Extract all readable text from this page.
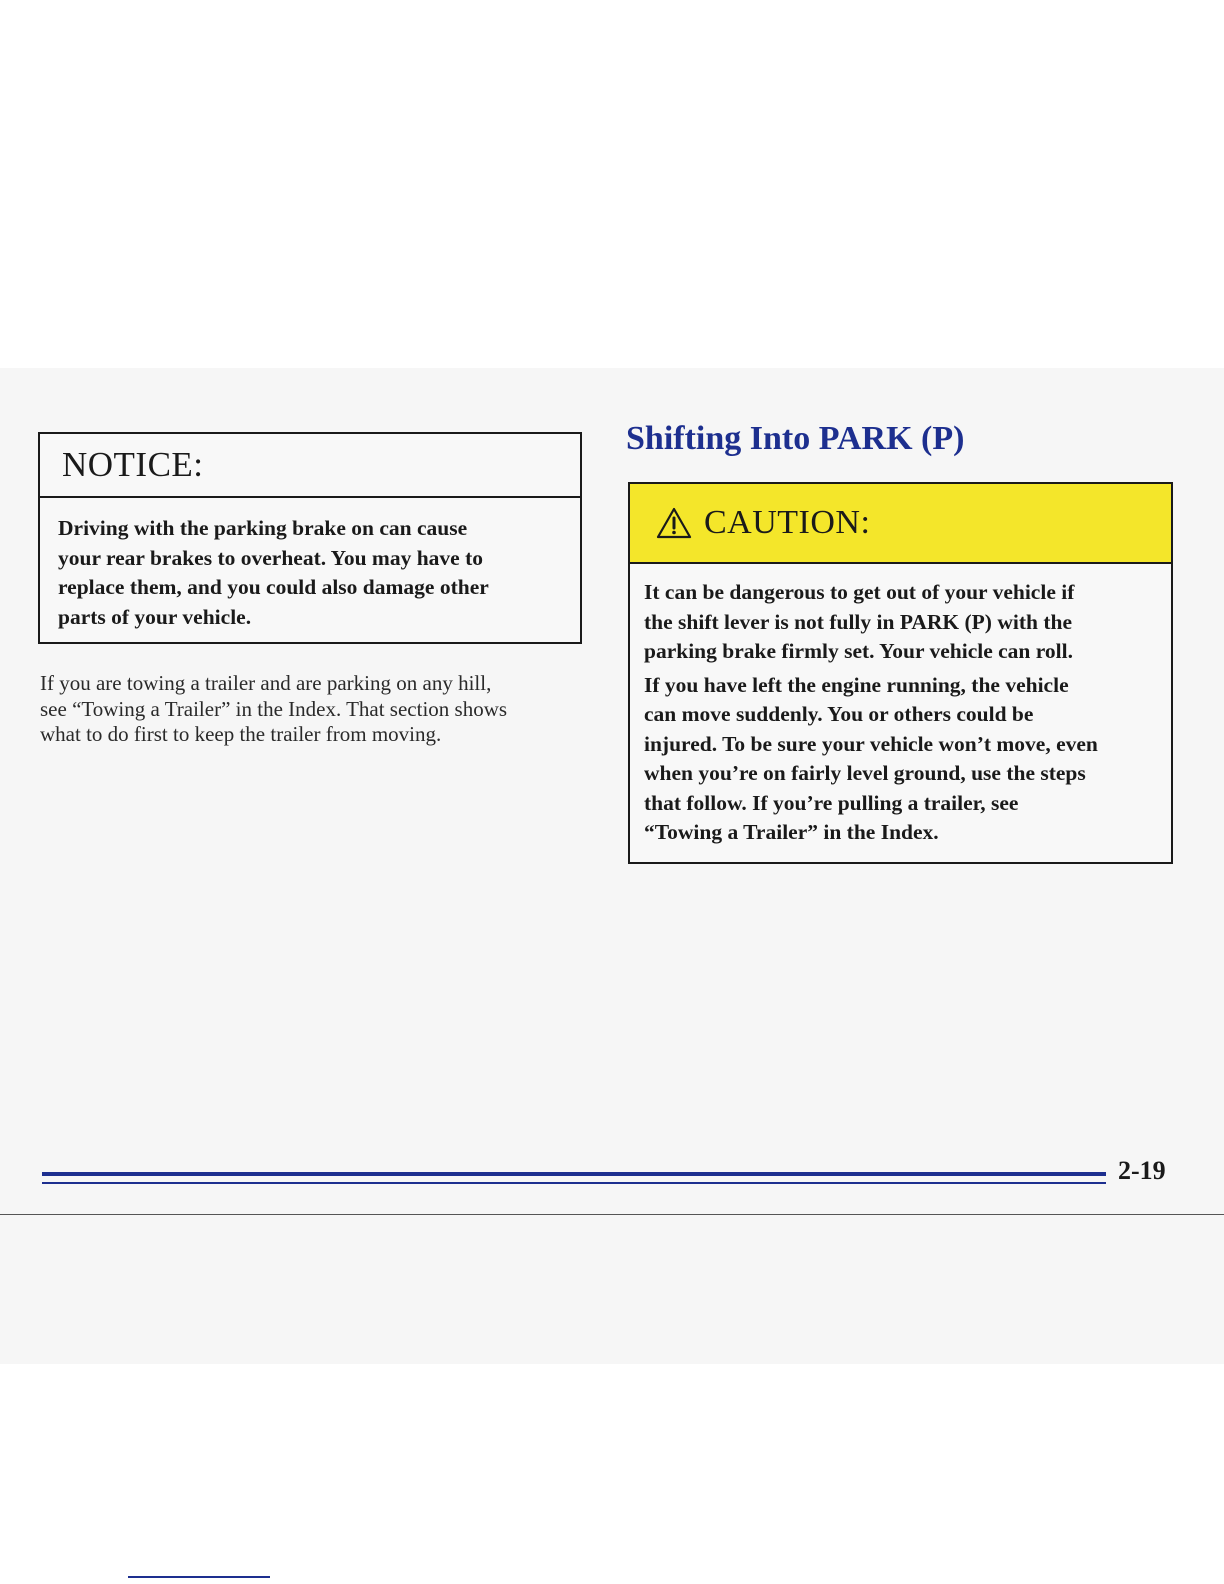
NOTICE:
Driving with the parking brake on can cause
your rear brakes to overheat. You may have to
replace them, and you could also damage other
parts of your vehicle.
If you are towing a trailer and are parking on any hill,
see “Towing a Trailer” in the Index. That section shows
what to do first to keep the trailer from moving.
Shifting Into PARK (P)
CAUTION:

It can be dangerous to get out of your vehicle if
the shift lever is not fully in PARK (P) with the
parking brake firmly set. Your vehicle can roll.

If you have left the engine running, the vehicle
can move suddenly. You or others could be
injured. To be sure your vehicle won’t move, even
when you’re on fairly level ground, use the steps
that follow. If you’re pulling a trailer, see
“Towing a Trailer” in the Index.

2-19
